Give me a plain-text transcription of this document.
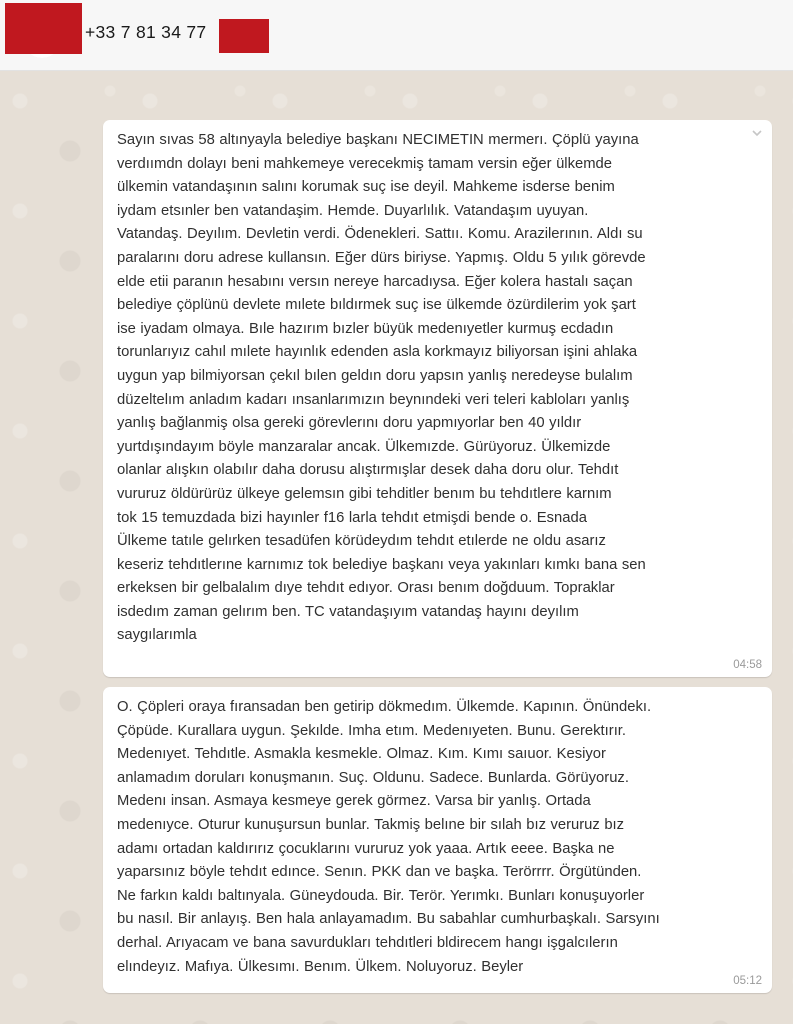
+33 7 81 34 77

Sayın sıvas 58 altınyayla belediye başkanı NECIMETIN mermerı. Çöplü yayına
verdıımdn dolayı beni mahkemeye verecekmiş tamam versin eğer ülkemde
ülkemin vatandaşının salını korumak suç ise deyil. Mahkeme isderse benim
iydam etsınler ben vatandaşim. Hemde. Duyarlılık. Vatandaşım uyuyan.
Vatandaş. Deyılım. Devletin verdi. Ödenekleri. Sattıı. Komu. Arazilerının. Aldı su
paralarını doru adrese kullansın. Eğer dürs biriyse. Yapmış. Oldu 5 yılık görevde
elde etii paranın hesabını versın nereye harcadıysa. Eğer kolera hastalı saçan
belediye çöplünü devlete mılete bıldırmek suç ise ülkemde özürdilerim yok şart
ise iyadam olmaya. Bıle hazırım bızler büyük medenıyetler kurmuş ecdadın
torunlarıyız cahıl mılete hayınlık edenden asla korkmayız biliyorsan işini ahlaka
uygun yap bilmiyorsan çekıl bılen geldın doru yapsın yanlış neredeyse bulalım
düzeltelım anladım kadarı ınsanlarımızın beynındeki veri teleri kabloları yanlış
yanlış bağlanmiş olsa gereki görevlerını doru yapmıyorlar ben 40 yıldır
yurtdışındayım böyle manzaralar ancak. Ülkemızde. Gürüyoruz. Ülkemizde
olanlar alışkın olabılır daha dorusu alıştırmışlar desek daha doru olur. Tehdıt
vururuz öldürürüz ülkeye gelemsın gibi tehditler benım bu tehdıtlere karnım
tok 15 temuzdada bizi hayınler f16 larla tehdıt etmişdi bende o. Esnada
Ülkeme tatıle gelırken tesadüfen körüdeydım tehdıt etılerde ne oldu asarız
keseriz tehdıtlerıne karnımız tok belediye başkanı veya yakınları kımkı bana sen
erkeksen bir gelbalalım dıye tehdıt edıyor. Orası benım doğduum. Topraklar
isdedım zaman gelırım ben. TC vatandaşıyım vatandaş hayını deyılım
saygılarımla

04:58

O. Çöpleri oraya fıransadan ben getirip dökmedım. Ülkemde. Kapının. Önündekı.
Çöpüde. Kurallara uygun. Şekılde. Imha etım. Medenıyeten. Bunu. Gerektırır.
Medenıyet. Tehdıtle. Asmakla kesmekle. Olmaz. Kım. Kımı saıuor. Kesiyor
anlamadım doruları konuşmanın. Suç. Oldunu. Sadece. Bunlarda. Görüyoruz.
Medenı insan. Asmaya kesmeye gerek görmez. Varsa bir yanlış. Ortada
medenıyce. Oturur kunuşursun bunlar. Takmiş belıne bir sılah bız veruruz bız
adamı ortadan kaldırırız çocuklarını vururuz yok yaaa. Artık eeee. Başka ne
yaparsınız böyle tehdıt edınce. Senın. PKK dan ve başka. Terörrrr. Örgütünden.
Ne farkın kaldı baltınyala. Güneydouda. Bir. Terör. Yerımkı. Bunları konuşuyorler
bu nasıl. Bir anlayış. Ben hala anlayamadım. Bu sabahlar cumhurbaşkalı. Sarsyını
derhal. Arıyacam ve bana savurdukları tehdıtleri bldirecem hangı işgalcılerın
elındeyız. Mafıya. Ülkesımı. Benım. Ülkem. Noluyoruz. Beyler

05:12
